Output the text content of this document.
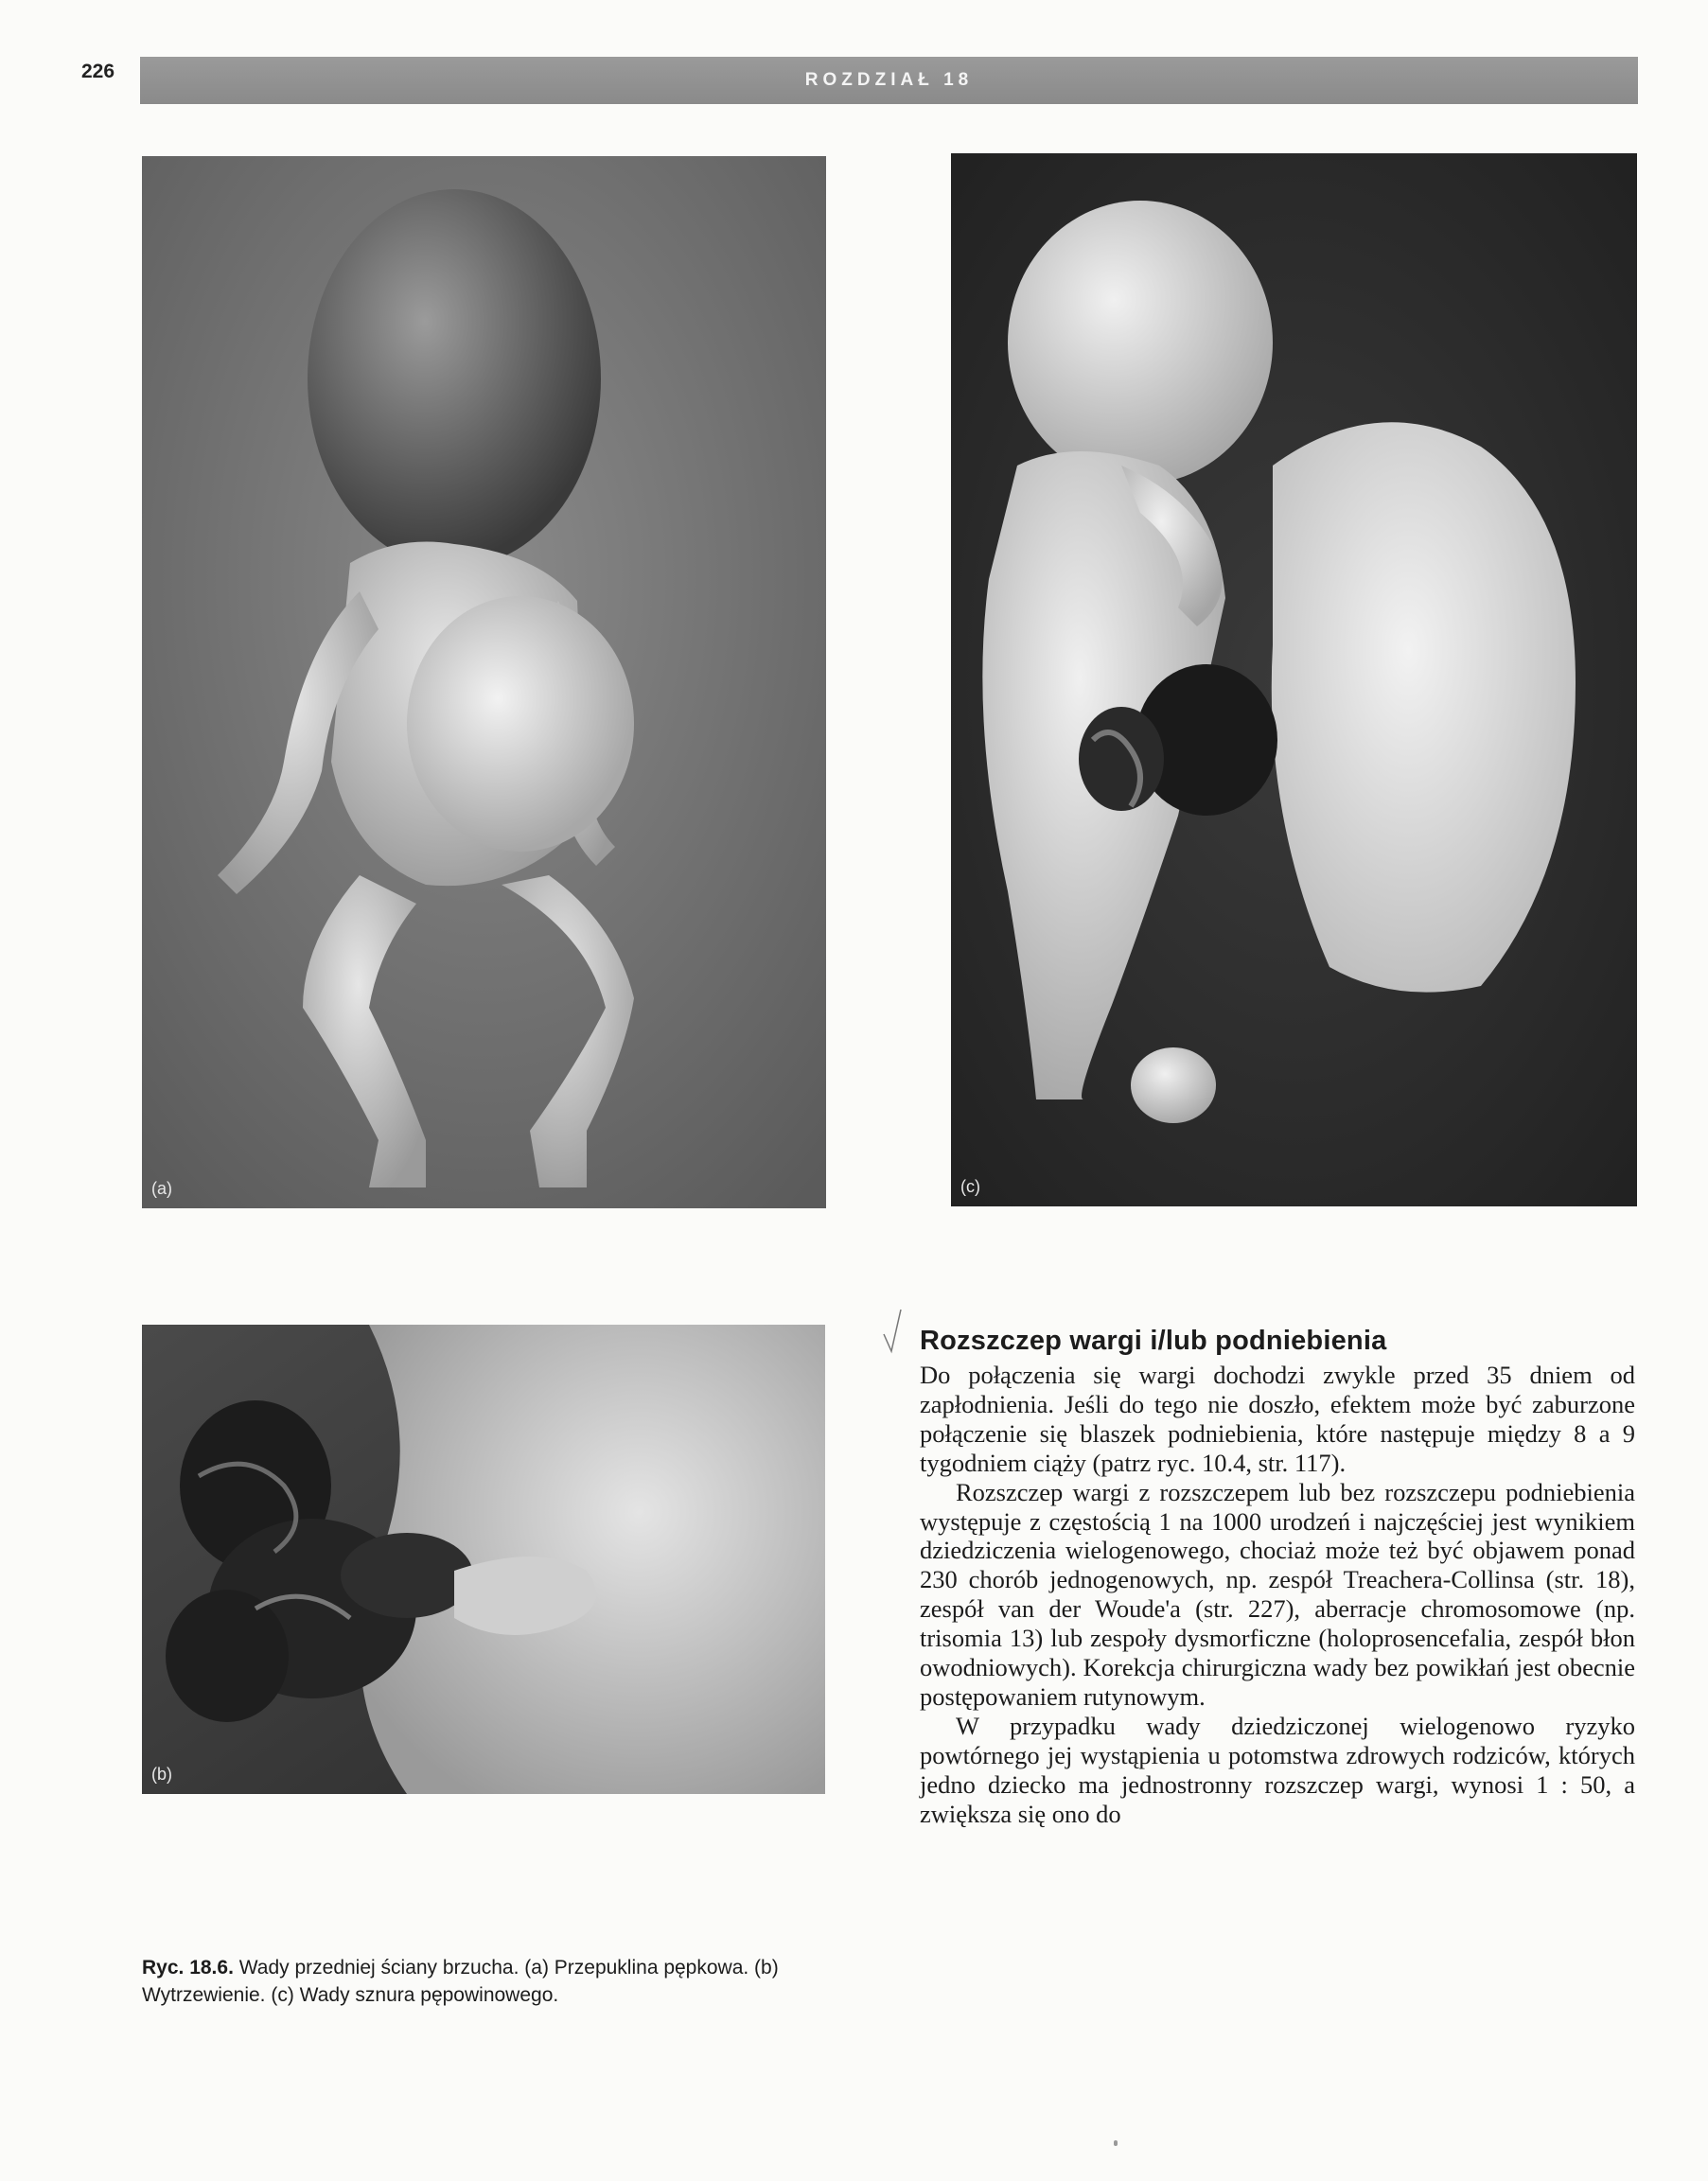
226	ROZDZIAŁ 18
(a)	(c)
(b)
Ryc. 18.6. Wady przedniej ściany brzucha. (a) Przepuklina pępkowa. (b) Wytrzewienie. (c) Wady sznura pępowinowego.
Rozszczep wargi i/lub podniebienia

Do połączenia się wargi dochodzi zwykle przed 35 dniem od zapłodnienia. Jeśli do tego nie doszło, efektem może być zaburzone połączenie się blaszek podniebienia, które następuje między 8 a 9 tygodniem ciąży (patrz ryc. 10.4, str. 117).

Rozszczep wargi z rozszczepem lub bez rozszczepu podniebienia występuje z częstością 1 na 1000 urodzeń i najczęściej jest wynikiem dziedziczenia wielogenowego, chociaż może też być objawem ponad 230 chorób jednogenowych, np. zespół Treachera-Collinsa (str. 18), zespół van der Woude'a (str. 227), aberracje chromosomowe (np. trisomia 13) lub zespoły dysmorficzne (holoprosencefalia, zespół błon owodniowych). Korekcja chirurgiczna wady bez powikłań jest obecnie postępowaniem rutynowym.

W przypadku wady dziedziczonej wielogenowo ryzyko powtórnego jej wystąpienia u potomstwa zdrowych rodziców, których jedno dziecko ma jednostronny rozszczep wargi, wynosi 1 : 50, a zwiększa się ono do
